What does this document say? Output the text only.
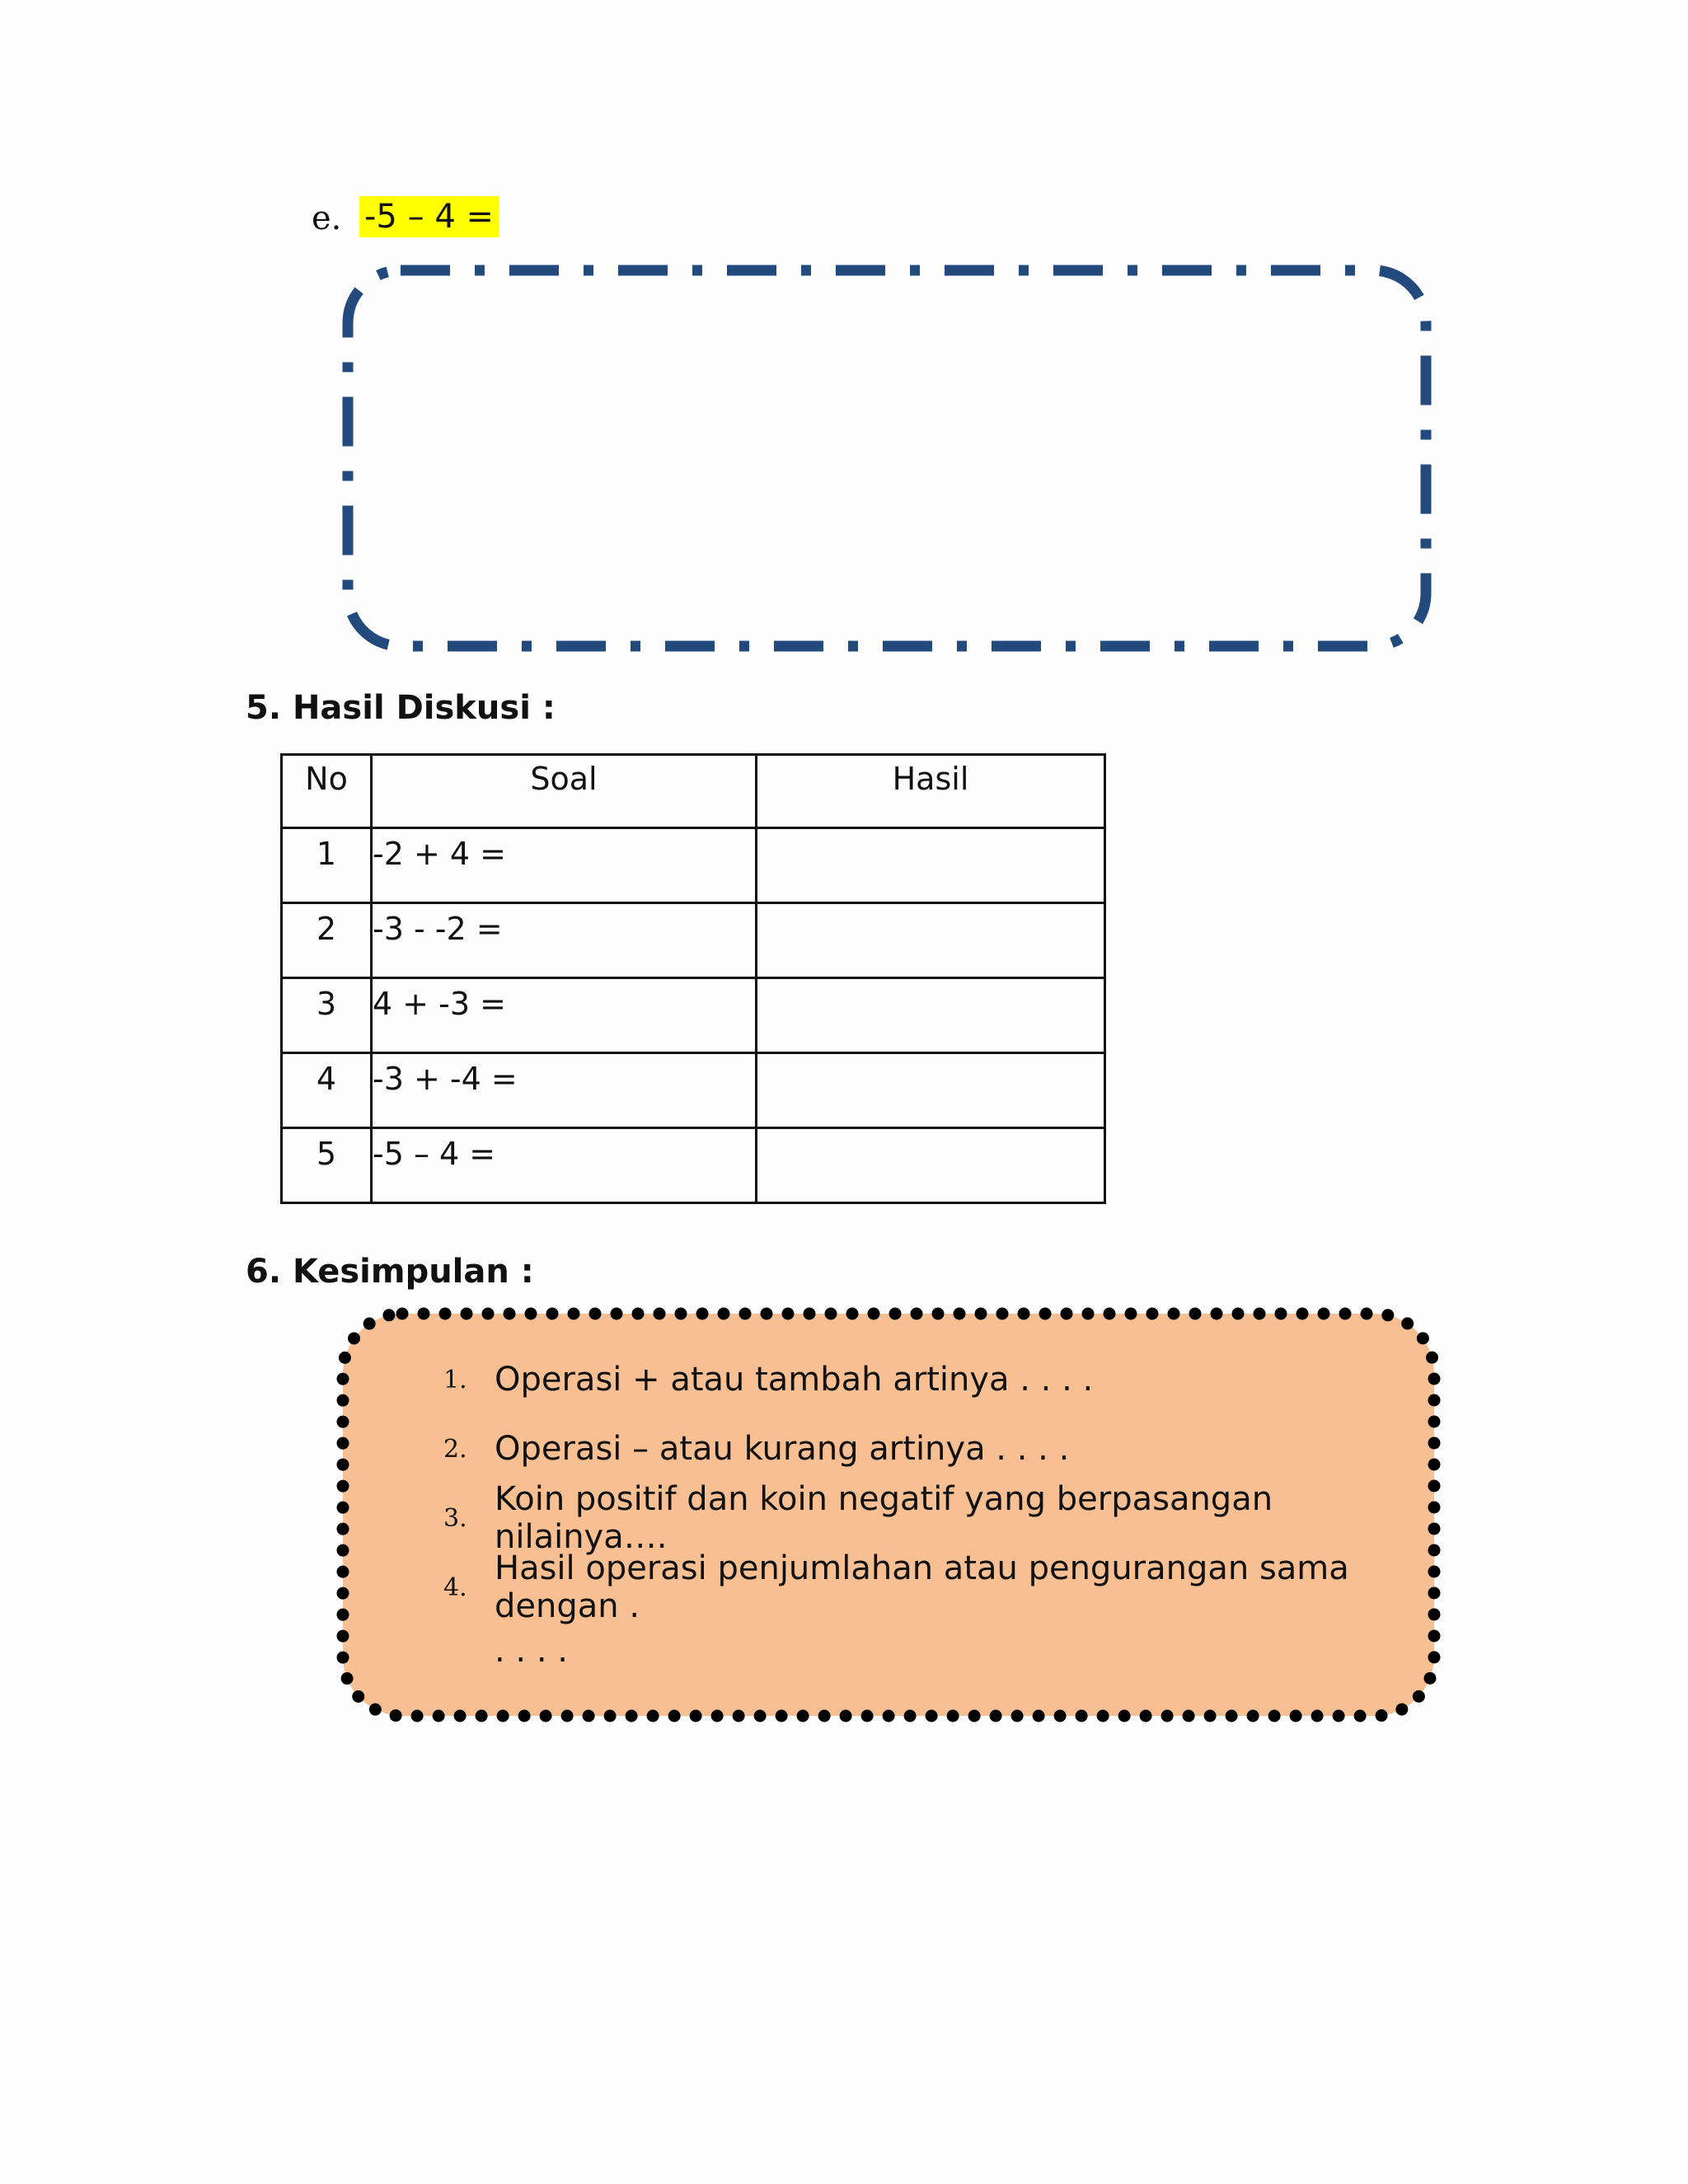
e. -5 – 4 =
5. Hasil Diskusi :
No	Soal	Hasil
1	-2 + 4 =	
2	-3 - -2 =	
3	4 + -3 =	
4	-3 + -4 =	
5	-5 – 4 =	
6. Kesimpulan :
1. Operasi + atau tambah artinya . . . .
2. Operasi – atau kurang artinya . . . .
3. Koin positif dan koin negatif yang berpasangan nilainya….
4. Hasil operasi penjumlahan atau pengurangan sama dengan .
. . . .
